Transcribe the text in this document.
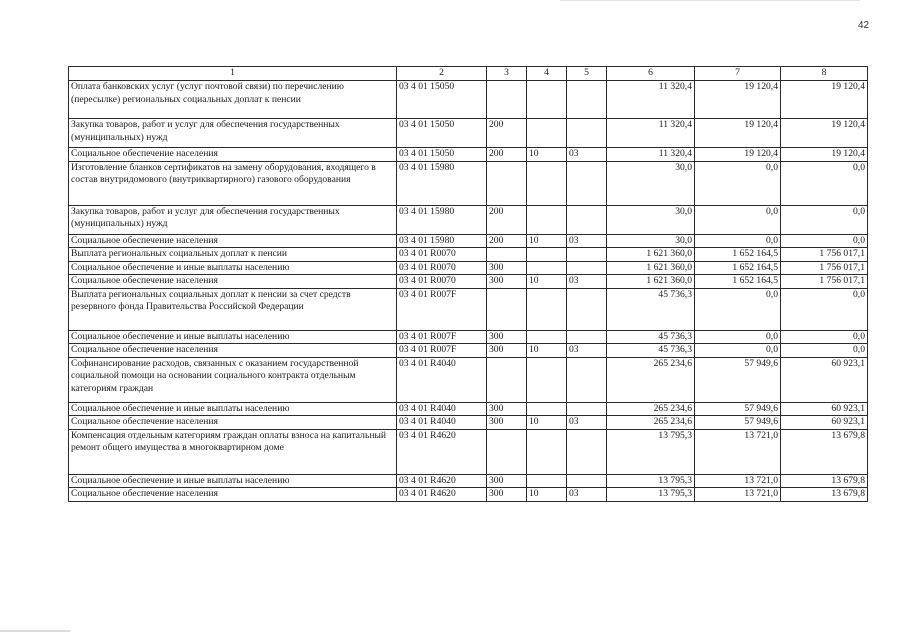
42
1	2	3	4	5	6	7	8
Оплата банковских услуг (услуг почтовой связи) по перечислению (пересылке) региональных социальных доплат к пенсии	03 4 01 15050				11 320,4	19 120,4	19 120,4
Закупка товаров, работ и услуг для обеспечения государственных (муниципальных) нужд	03 4 01 15050	200			11 320,4	19 120,4	19 120,4
Социальное обеспечение населения	03 4 01 15050	200	10	03	11 320,4	19 120,4	19 120,4
Изготовление бланков сертификатов на замену оборудования, входящего в состав внутридомового (внутриквартирного) газового оборудования	03 4 01 15980				30,0	0,0	0,0
Закупка товаров, работ и услуг для обеспечения государственных (муниципальных) нужд	03 4 01 15980	200			30,0	0,0	0,0
Социальное обеспечение населения	03 4 01 15980	200	10	03	30,0	0,0	0,0
Выплата региональных социальных доплат к пенсии	03 4 01 R0070				1 621 360,0	1 652 164,5	1 756 017,1
Социальное обеспечение и иные выплаты населению	03 4 01 R0070	300			1 621 360,0	1 652 164,5	1 756 017,1
Социальное обеспечение населения	03 4 01 R0070	300	10	03	1 621 360,0	1 652 164,5	1 756 017,1
Выплата региональных социальных доплат к пенсии за счет средств резервного фонда Правительства Российской Федерации	03 4 01 R007F				45 736,3	0,0	0,0
Социальное обеспечение и иные выплаты населению	03 4 01 R007F	300			45 736,3	0,0	0,0
Социальное обеспечение населения	03 4 01 R007F	300	10	03	45 736,3	0,0	0,0
Софинансирование расходов, связанных с оказанием государственной социальной помощи на основании социального контракта отдельным категориям граждан	03 4 01 R4040				265 234,6	57 949,6	60 923,1
Социальное обеспечение и иные выплаты населению	03 4 01 R4040	300			265 234,6	57 949,6	60 923,1
Социальное обеспечение населения	03 4 01 R4040	300	10	03	265 234,6	57 949,6	60 923,1
Компенсация отдельным категориям граждан оплаты взноса на капитальный ремонт общего имущества в многоквартирном доме	03 4 01 R4620				13 795,3	13 721,0	13 679,8
Социальное обеспечение и иные выплаты населению	03 4 01 R4620	300			13 795,3	13 721,0	13 679,8
Социальное обеспечение населения	03 4 01 R4620	300	10	03	13 795,3	13 721,0	13 679,8
